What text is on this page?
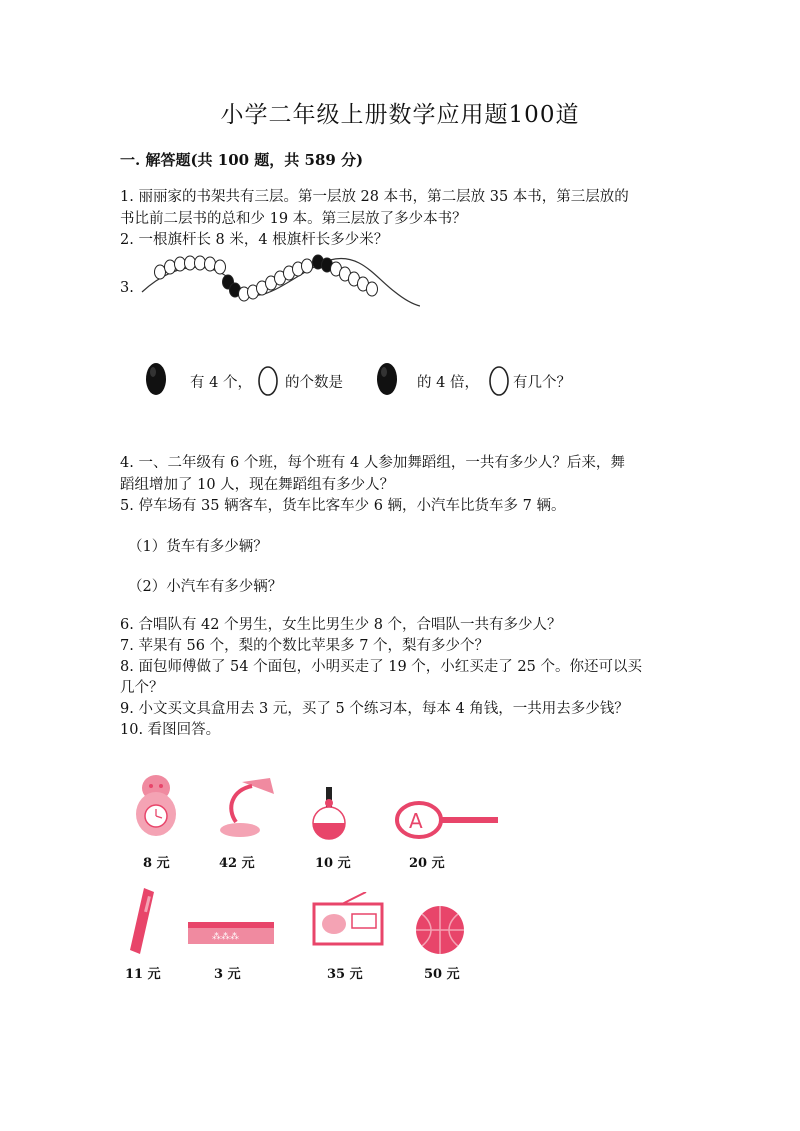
小学二年级上册数学应用题100道
一. 解答题(共 100 题，共 589 分)
1. 丽丽家的书架共有三层。第一层放 28 本书，第二层放 35 本书，第三层放的
书比前二层书的总和少 19 本。第三层放了多少本书？
2. 一根旗杆长 8 米，4 根旗杆长多少米？
3.
有 4 个， 的个数是	的 4 倍， 有几个？
4. 一、二年级有 6 个班，每个班有 4 人参加舞蹈组，一共有多少人？后来，舞
蹈组增加了 10 人，现在舞蹈组有多少人？
5. 停车场有 35 辆客车，货车比客车少 6 辆，小汽车比货车多 7 辆。
（1）货车有多少辆？
（2）小汽车有多少辆？
6. 合唱队有 42 个男生，女生比男生少 8 个，合唱队一共有多少人？
7. 苹果有 56 个，梨的个数比苹果多 7 个，梨有多少个？
8. 面包师傅做了 54 个面包，小明买走了 19 个，小红买走了 25 个。你还可以买
几个？
9. 小文买文具盒用去 3 元，买了 5 个练习本，每本 4 角钱，一共用去多少钱？
10. 看图回答。
A
8 元	42 元	10 元	20 元
⁂⁂⁂
11 元	3 元	35 元	50 元
